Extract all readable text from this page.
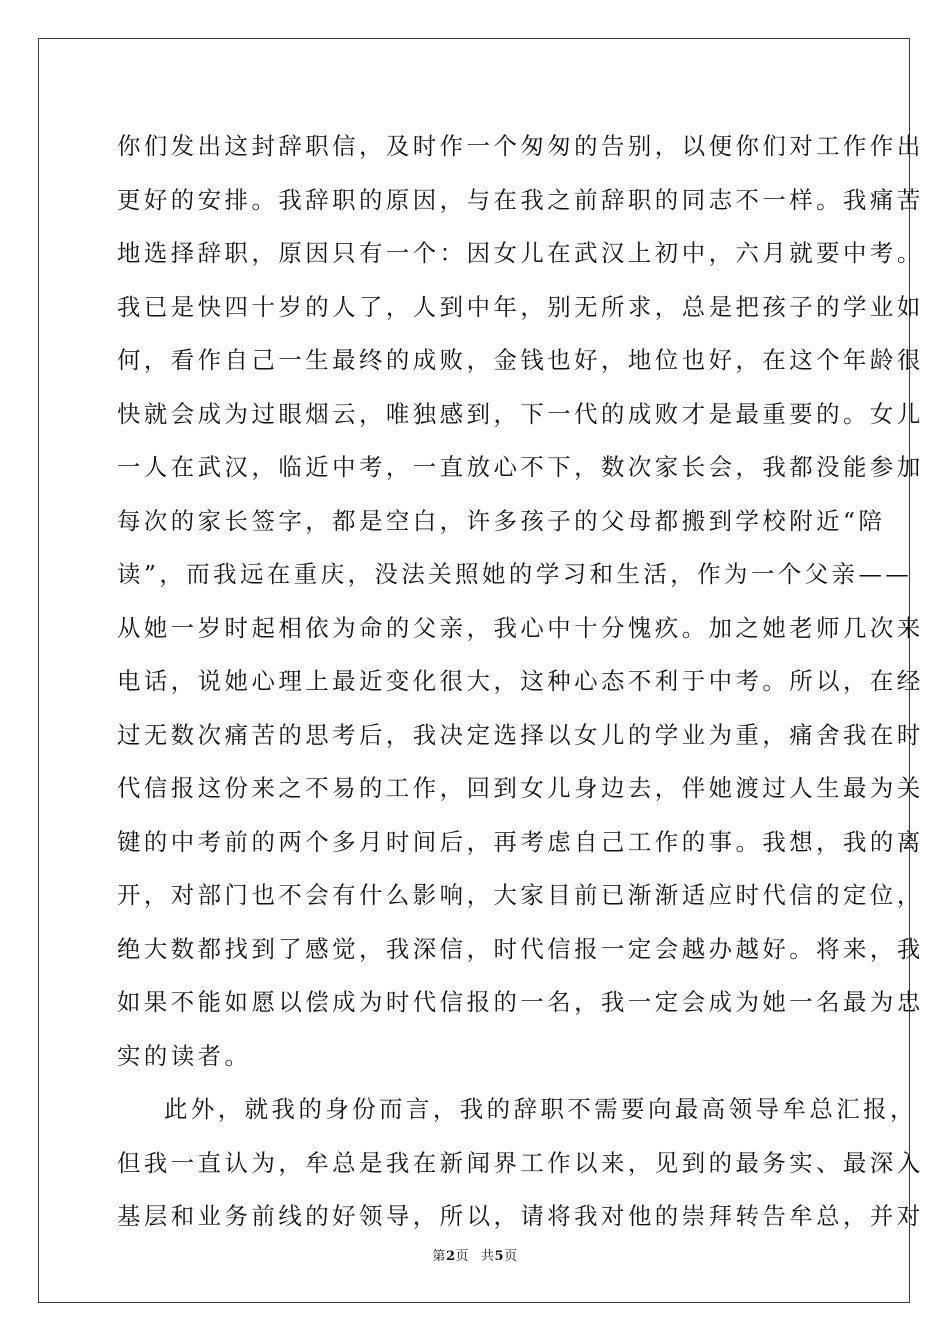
你们发出这封辞职信，及时作一个匆匆的告别，以便你们对工作作出
更好的安排。我辞职的原因，与在我之前辞职的同志不一样。我痛苦
地选择辞职，原因只有一个：因女儿在武汉上初中，六月就要中考。
我已是快四十岁的人了，人到中年，别无所求，总是把孩子的学业如
何，看作自己一生最终的成败，金钱也好，地位也好，在这个年龄很
快就会成为过眼烟云，唯独感到，下一代的成败才是最重要的。女儿
一人在武汉，临近中考，一直放心不下，数次家长会，我都没能参加
每次的家长签字，都是空白，许多孩子的父母都搬到学校附近“陪
读”，而我远在重庆，没法关照她的学习和生活，作为一个父亲——
从她一岁时起相依为命的父亲，我心中十分愧疚。加之她老师几次来
电话，说她心理上最近变化很大，这种心态不利于中考。所以，在经
过无数次痛苦的思考后，我决定选择以女儿的学业为重，痛舍我在时
代信报这份来之不易的工作，回到女儿身边去，伴她渡过人生最为关
键的中考前的两个多月时间后，再考虑自己工作的事。我想，我的离
开，对部门也不会有什么影响，大家目前已渐渐适应时代信的定位，
绝大数都找到了感觉，我深信，时代信报一定会越办越好。将来，我
如果不能如愿以偿成为时代信报的一名，我一定会成为她一名最为忠
实的读者。
此外，就我的身份而言，我的辞职不需要向最高领导牟总汇报，
但我一直认为，牟总是我在新闻界工作以来，见到的最务实、最深入
基层和业务前线的好领导，所以，请将我对他的崇拜转告牟总，并对
第2页 共5页
